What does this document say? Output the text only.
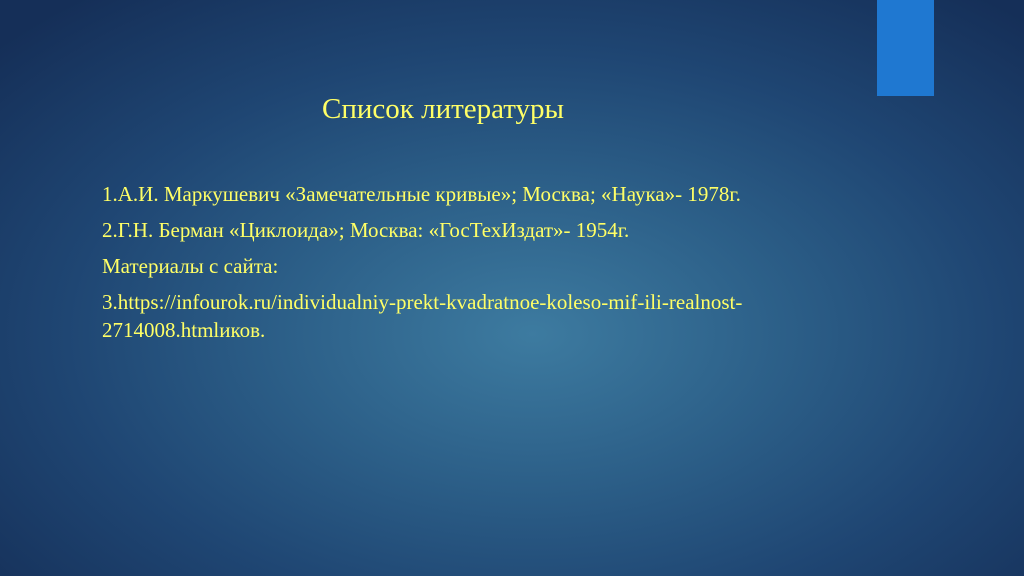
Список литературы

1.А.И. Маркушевич «Замечательные кривые»; Москва; «Наука»- 1978г.

2.Г.Н. Берман «Циклоида»; Москва: «ГосТехИздат»- 1954г.

Материалы с сайта:

3.https://infourok.ru/individualniy-prekt-kvadratnoe-koleso-mif-ili-realnost-2714008.htmlиков.
